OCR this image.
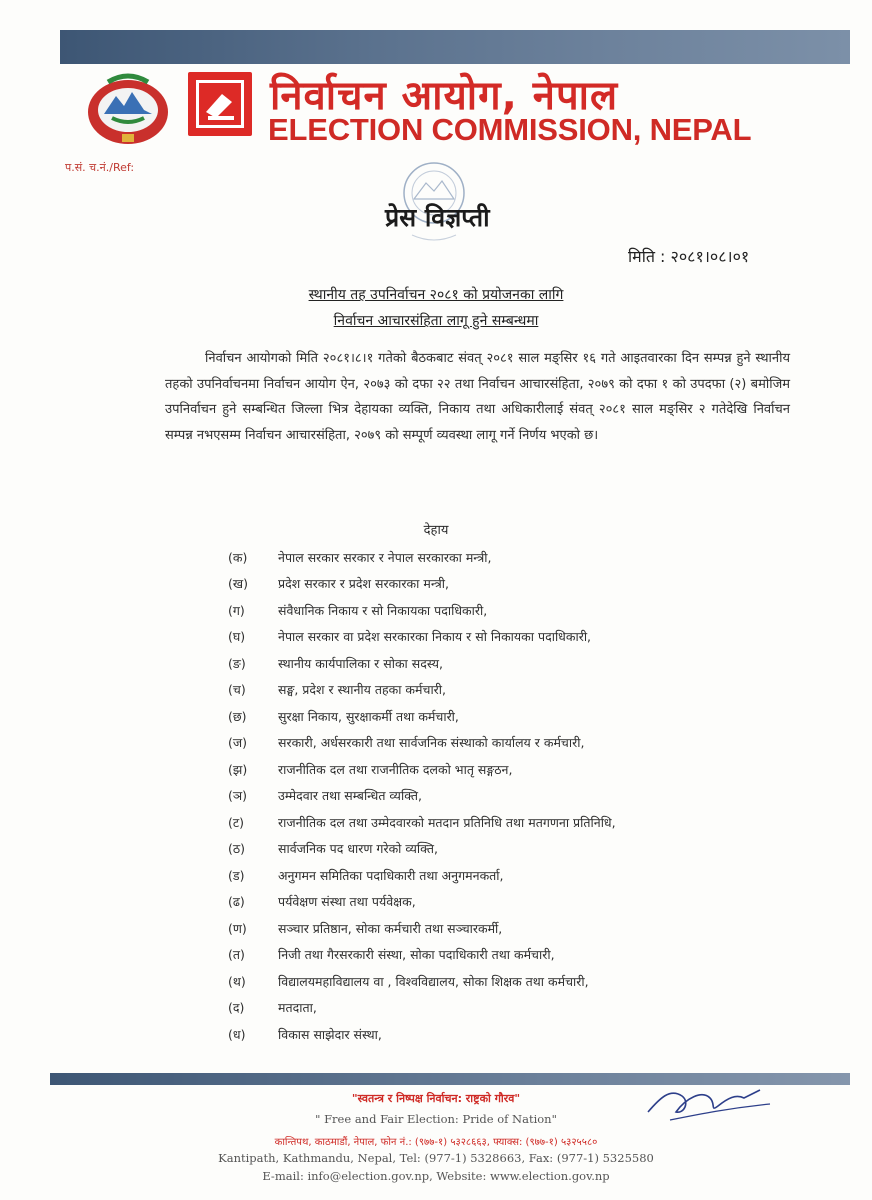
निर्वाचन आयोग, नेपाल
ELECTION COMMISSION, NEPAL
प.सं. च.नं./Ref:
प्रेस विज्ञप्ती
मिति : २०८१।०८।०१
स्थानीय तह उपनिर्वाचन २०८१ को प्रयोजनका लागि
निर्वाचन आचारसंहिता लागू हुने सम्बन्धमा
निर्वाचन आयोगको मिति २०८१।८।१ गतेको बैठकबाट संवत् २०८१ साल मङ्सिर १६ गते आइतवारका दिन सम्पन्न हुने स्थानीय तहको उपनिर्वाचनमा निर्वाचन आयोग ऐन, २०७३ को दफा २२ तथा निर्वाचन आचारसंहिता, २०७९ को दफा १ को उपदफा (२) बमोजिम उपनिर्वाचन हुने सम्बन्धित जिल्ला भित्र देहायका व्यक्ति, निकाय तथा अधिकारीलाई संवत् २०८१ साल मङ्सिर २ गतेदेखि निर्वाचन सम्पन्न नभएसम्म निर्वाचन आचारसंहिता, २०७९ को सम्पूर्ण व्यवस्था लागू गर्ने निर्णय भएको छ।
देहाय
(क)	नेपाल सरकार सरकार र नेपाल सरकारका मन्त्री,
(ख)	प्रदेश सरकार र प्रदेश सरकारका मन्त्री,
(ग)	संवैधानिक निकाय र सो निकायका पदाधिकारी,
(घ)	नेपाल सरकार वा प्रदेश सरकारका निकाय र सो निकायका पदाधिकारी,
(ङ)	स्थानीय कार्यपालिका र सोका सदस्य,
(च)	सङ्घ, प्रदेश र स्थानीय तहका कर्मचारी,
(छ)	सुरक्षा निकाय, सुरक्षाकर्मी तथा कर्मचारी,
(ज)	सरकारी, अर्धसरकारी तथा सार्वजनिक संस्थाको कार्यालय र कर्मचारी,
(झ)	राजनीतिक दल तथा राजनीतिक दलको भातृ सङ्गठन,
(ञ)	उम्मेदवार तथा सम्बन्धित व्यक्ति,
(ट)	राजनीतिक दल तथा उम्मेदवारको मतदान प्रतिनिधि तथा मतगणना प्रतिनिधि,
(ठ)	सार्वजनिक पद धारण गरेको व्यक्ति,
(ड)	अनुगमन समितिका पदाधिकारी तथा अनुगमनकर्ता,
(ढ)	पर्यवेक्षण संस्था तथा पर्यवेक्षक,
(ण)	सञ्चार प्रतिष्ठान, सोका कर्मचारी तथा सञ्चारकर्मी,
(त)	निजी तथा गैरसरकारी संस्था, सोका पदाधिकारी तथा कर्मचारी,
(थ)	विद्यालयमहाविद्यालय वा , विश्वविद्यालय, सोका शिक्षक तथा कर्मचारी,
(द)	मतदाता,
(ध)	विकास साझेदार संस्था,
"स्वतन्त्र र निष्पक्ष निर्वाचन: राष्ट्रको गौरव"
" Free and Fair Election: Pride of Nation"
कान्तिपथ, काठमाडौं, नेपाल, फोन नं.: (९७७-१) ५३२८६६३, फ्याक्स: (९७७-१) ५३२५५८०
Kantipath, Kathmandu, Nepal, Tel: (977-1) 5328663, Fax: (977-1) 5325580
E-mail: info@election.gov.np, Website: www.election.gov.np
